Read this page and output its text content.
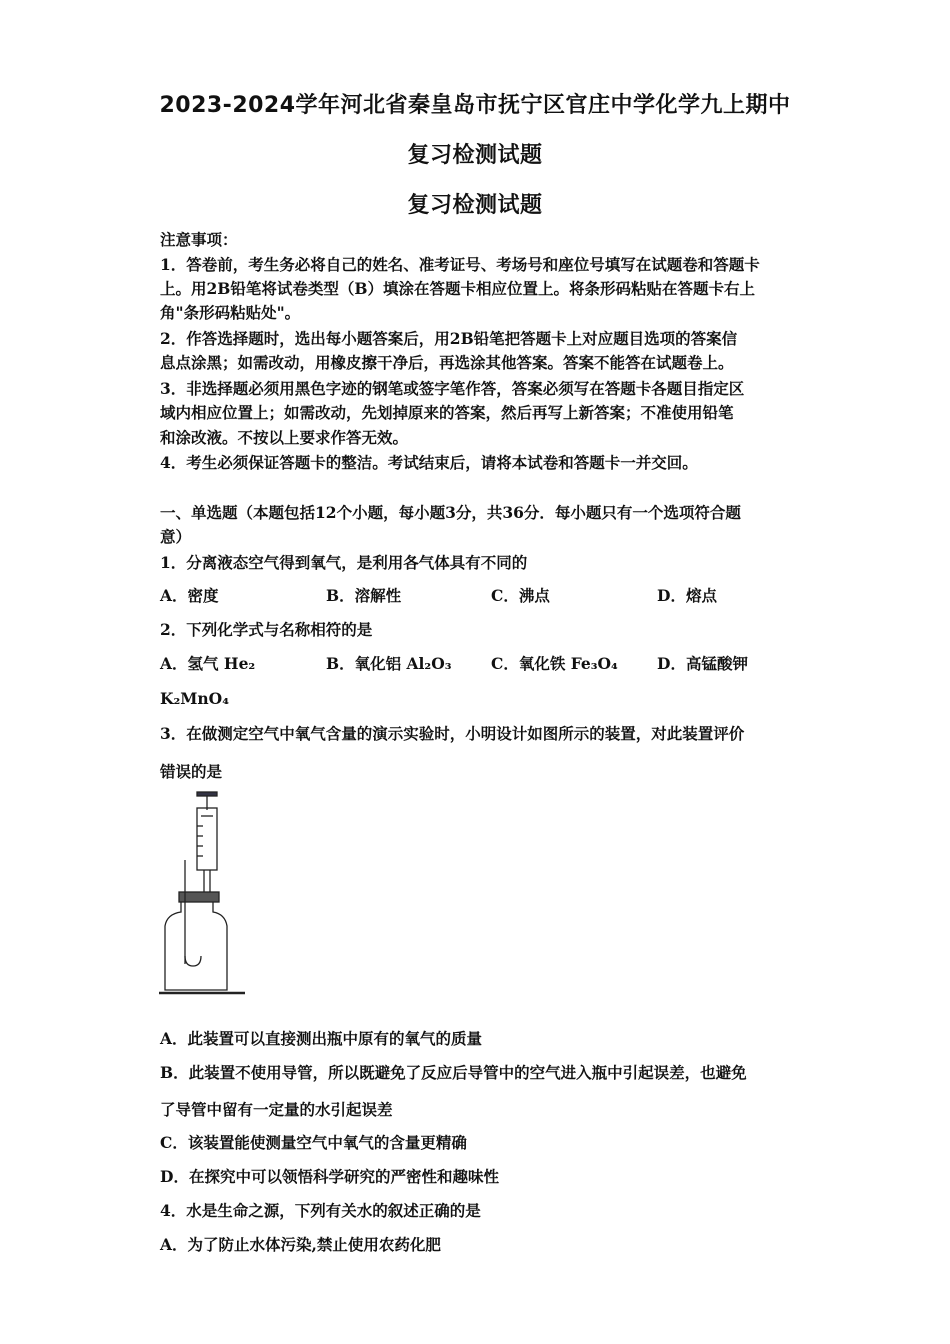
2023-2024学年河北省秦皇岛市抚宁区官庄中学化学九上期中
复习检测试题
复习检测试题
注意事项：
1．答卷前，考生务必将自己的姓名、准考证号、考场号和座位号填写在试题卷和答题卡
上。用2B铅笔将试卷类型（B）填涂在答题卡相应位置上。将条形码粘贴在答题卡右上
角"条形码粘贴处"。
2．作答选择题时，选出每小题答案后，用2B铅笔把答题卡上对应题目选项的答案信
息点涂黑；如需改动，用橡皮擦干净后，再选涂其他答案。答案不能答在试题卷上。
3．非选择题必须用黑色字迹的钢笔或签字笔作答，答案必须写在答题卡各题目指定区
域内相应位置上；如需改动，先划掉原来的答案，然后再写上新答案；不准使用铅笔
和涂改液。不按以上要求作答无效。
4．考生必须保证答题卡的整洁。考试结束后，请将本试卷和答题卡一并交回。
一、单选题（本题包括12个小题，每小题3分，共36分．每小题只有一个选项符合题
意）
1．分离液态空气得到氧气，是利用各气体具有不同的
A．密度	B．溶解性	C．沸点	D．熔点
2．下列化学式与名称相符的是
A．氢气 He₂	B．氧化铝 Al₂O₃	C．氧化铁 Fe₃O₄	D．高锰酸钾
K₂MnO₄
3．在做测定空气中氧气含量的演示实验时，小明设计如图所示的装置，对此装置评价
错误的是
A．此装置可以直接测出瓶中原有的氧气的质量
B．此装置不使用导管，所以既避免了反应后导管中的空气进入瓶中引起误差，也避免
了导管中留有一定量的水引起误差
C．该装置能使测量空气中氧气的含量更精确
D．在探究中可以领悟科学研究的严密性和趣味性
4．水是生命之源，下列有关水的叙述正确的是
A．为了防止水体污染,禁止使用农药化肥
